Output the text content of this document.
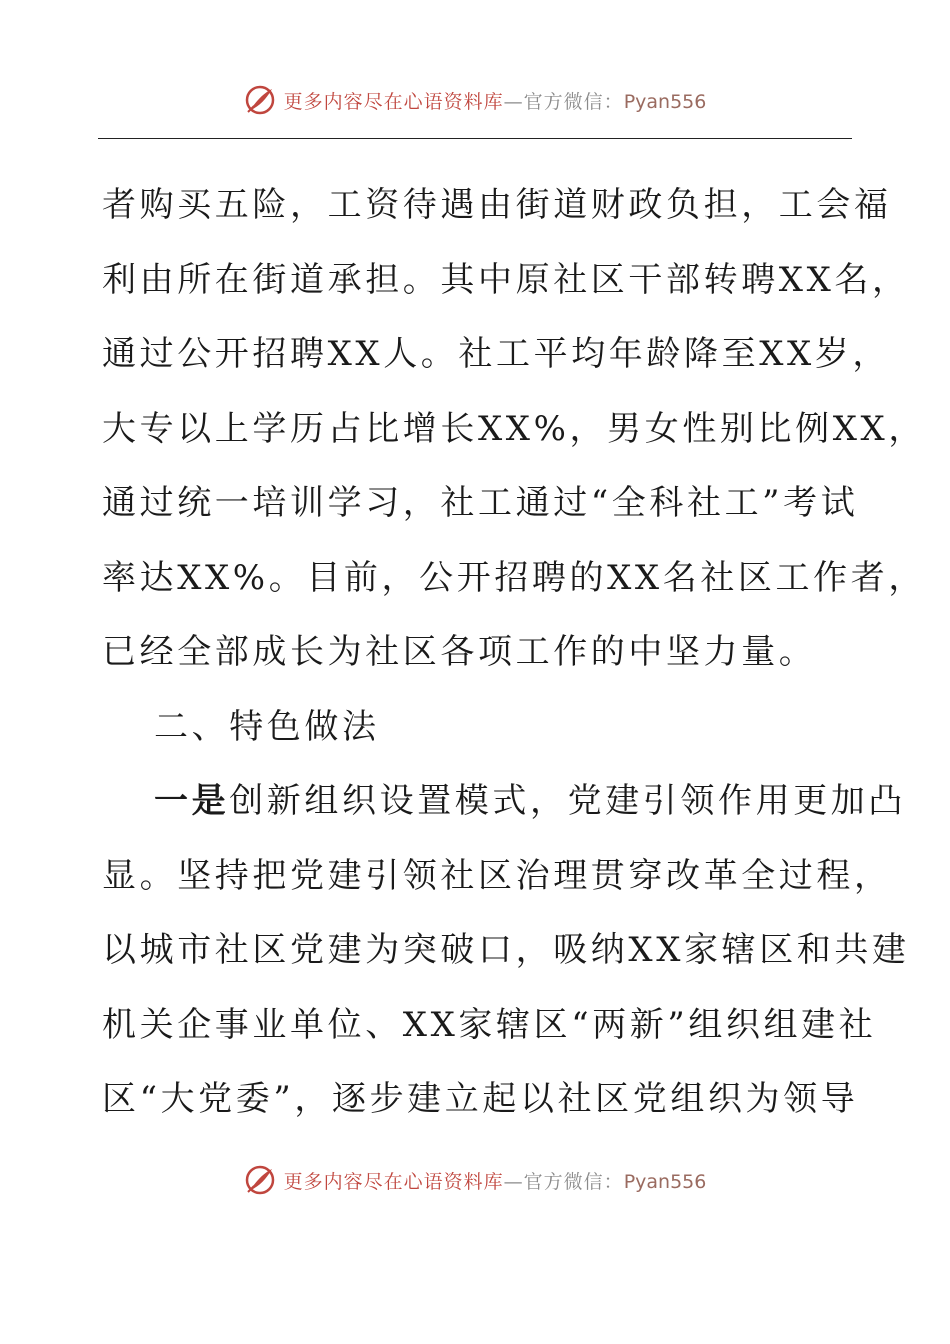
更多内容尽在心语资料库—官方微信：Pyan556
者购买五险，工资待遇由街道财政负担，工会福
利由所在街道承担。其中原社区干部转聘XX名，
通过公开招聘XX人。社工平均年龄降至XX岁，
大专以上学历占比增长XX%，男女性别比例XX，
通过统一培训学习，社工通过“全科社工”考试
率达XX%。目前，公开招聘的XX名社区工作者，
已经全部成长为社区各项工作的中坚力量。
二、特色做法
一是创新组织设置模式，党建引领作用更加凸
显。坚持把党建引领社区治理贯穿改革全过程，
以城市社区党建为突破口，吸纳XX家辖区和共建
机关企事业单位、XX家辖区“两新”组织组建社
区“大党委”，逐步建立起以社区党组织为领导
更多内容尽在心语资料库—官方微信：Pyan556
